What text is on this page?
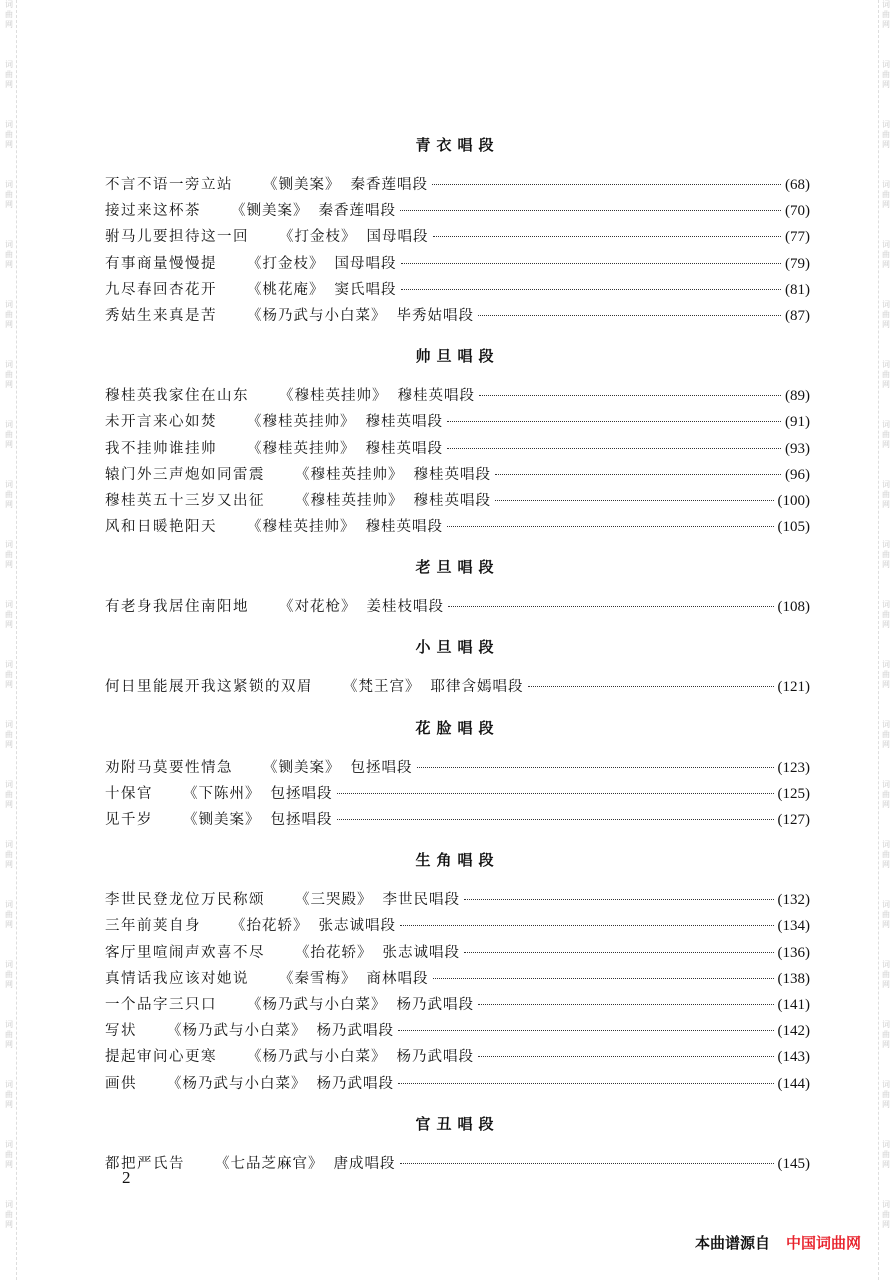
词
曲
网
词
曲
网
词
曲
网
词
曲
网
词
曲
网
词
曲
网
词
曲
网
词
曲
网
词
曲
网
词
曲
网
词
曲
网
词
曲
网
词
曲
网
词
曲
网
词
曲
网
词
曲
网
词
曲
网
词
曲
网
词
曲
网
词
曲
网
词
曲
网
词
曲
网
词
曲
网
词
曲
网
词
曲
网
词
曲
网
词
曲
网
词
曲
网
词
曲
网
词
曲
网
词
曲
网
词
曲
网
词
曲
网
词
曲
网
词
曲
网
词
曲
网
词
曲
网
词
曲
网
词
曲
网
词
曲
网
词
曲
网
词
曲
网
青衣唱段
不言不语一旁立站 《铡美案》 秦香莲唱段	(68)
接过来这杯茶 《铡美案》 秦香莲唱段	(70)
驸马儿要担待这一回 《打金枝》 国母唱段	(77)
有事商量慢慢提 《打金枝》 国母唱段	(79)
九尽春回杏花开 《桃花庵》 窦氏唱段	(81)
秀姑生来真是苦 《杨乃武与小白菜》 毕秀姑唱段	(87)
帅旦唱段
穆桂英我家住在山东 《穆桂英挂帅》 穆桂英唱段	(89)
未开言来心如焚 《穆桂英挂帅》 穆桂英唱段	(91)
我不挂帅谁挂帅 《穆桂英挂帅》 穆桂英唱段	(93)
辕门外三声炮如同雷震 《穆桂英挂帅》 穆桂英唱段	(96)
穆桂英五十三岁又出征 《穆桂英挂帅》 穆桂英唱段	(100)
风和日暖艳阳天 《穆桂英挂帅》 穆桂英唱段	(105)
老旦唱段
有老身我居住南阳地 《对花枪》 姜桂枝唱段	(108)
小旦唱段
何日里能展开我这紧锁的双眉 《梵王宫》 耶律含嫣唱段	(121)
花脸唱段
劝附马莫要性情急 《铡美案》 包拯唱段	(123)
十保官 《下陈州》 包拯唱段	(125)
见千岁 《铡美案》 包拯唱段	(127)
生角唱段
李世民登龙位万民称颂 《三哭殿》 李世民唱段	(132)
三年前荚自身 《抬花轿》 张志诚唱段	(134)
客厅里喧闹声欢喜不尽 《抬花轿》 张志诚唱段	(136)
真情话我应该对她说 《秦雪梅》 商林唱段	(138)
一个品字三只口 《杨乃武与小白菜》 杨乃武唱段	(141)
写状 《杨乃武与小白菜》 杨乃武唱段	(142)
提起审问心更寒 《杨乃武与小白菜》 杨乃武唱段	(143)
画供 《杨乃武与小白菜》 杨乃武唱段	(144)
官丑唱段
都把严氏告 《七品芝麻官》 唐成唱段	(145)
2
本曲谱源自 中国词曲网
